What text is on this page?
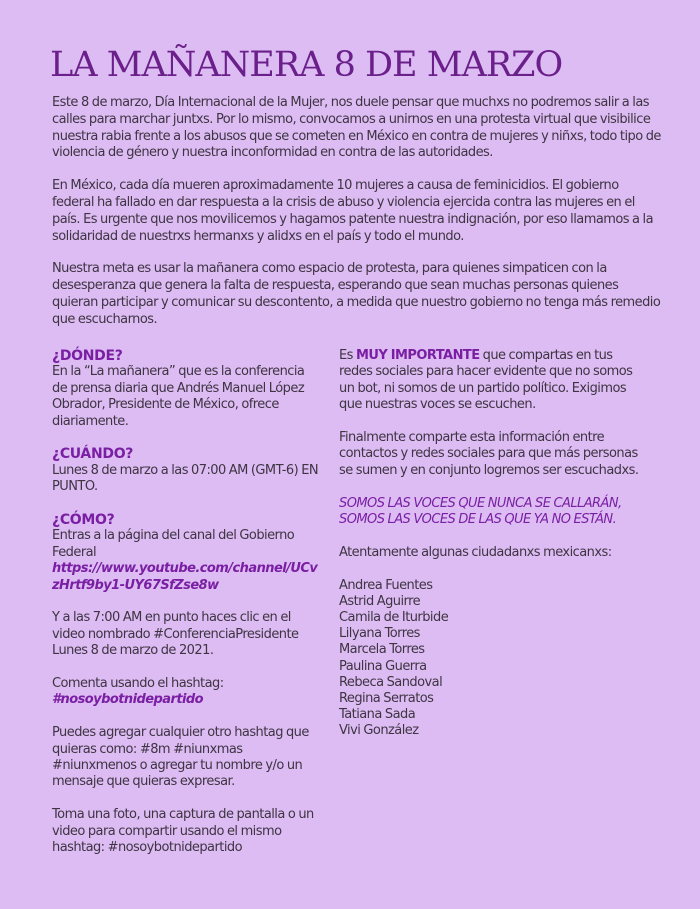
LA MAÑANERA 8 DE MARZO

Este 8 de marzo, Día Internacional de la Mujer, nos duele pensar que muchxs no podremos salir a las calles para marchar juntxs. Por lo mismo, convocamos a unirnos en una protesta virtual que visibilice nuestra rabia frente a los abusos que se cometen en México en contra de mujeres y niñxs, todo tipo de violencia de género y nuestra inconformidad en contra de las autoridades.

En México, cada día mueren aproximadamente 10 mujeres a causa de feminicidios. El gobierno federal ha fallado en dar respuesta a la crisis de abuso y violencia ejercida contra las mujeres en el país. Es urgente que nos movilicemos y hagamos patente nuestra indignación, por eso llamamos a la solidaridad de nuestrxs hermanxs y alidxs en el país y todo el mundo.

Nuestra meta es usar la mañanera como espacio de protesta, para quienes simpaticen con la desesperanza que genera la falta de respuesta, esperando que sean muchas personas quienes quieran participar y comunicar su descontento, a medida que nuestro gobierno no tenga más remedio que escucharnos.

¿DÓNDE?

En la “La mañanera” que es la conferencia de prensa diaria que Andrés Manuel López Obrador, Presidente de México, ofrece diariamente.

¿CUÁNDO?

Lunes 8 de marzo a las 07:00 AM (GMT-6) EN PUNTO.

¿CÓMO?

Entras a la página del canal del Gobierno Federal
https://www.youtube.com/channel/UCvzHrtf9by1-UY67SfZse8w

Y a las 7:00 AM en punto haces clic en el video nombrado #ConferenciaPresidente Lunes 8 de marzo de 2021.

Comenta usando el hashtag:
#nosoybotnidepartido

Puedes agregar cualquier otro hashtag que quieras como: #8m #niunxmas #niunxmenos o agregar tu nombre y/o un mensaje que quieras expresar.

Toma una foto, una captura de pantalla o un video para compartir usando el mismo hashtag: #nosoybotnidepartido

Es MUY IMPORTANTE que compartas en tus redes sociales para hacer evidente que no somos un bot, ni somos de un partido político. Exigimos que nuestras voces se escuchen.

Finalmente comparte esta información entre contactos y redes sociales para que más personas se sumen y en conjunto logremos ser escuchadxs.

SOMOS LAS VOCES QUE NUNCA SE CALLARÁN, SOMOS LAS VOCES DE LAS QUE YA NO ESTÁN.

Atentamente algunas ciudadanxs mexicanxs:

Andrea Fuentes
Astrid Aguirre
Camila de Iturbide
Lilyana Torres
Marcela Torres
Paulina Guerra
Rebeca Sandoval
Regina Serratos
Tatiana Sada
Vivi González
